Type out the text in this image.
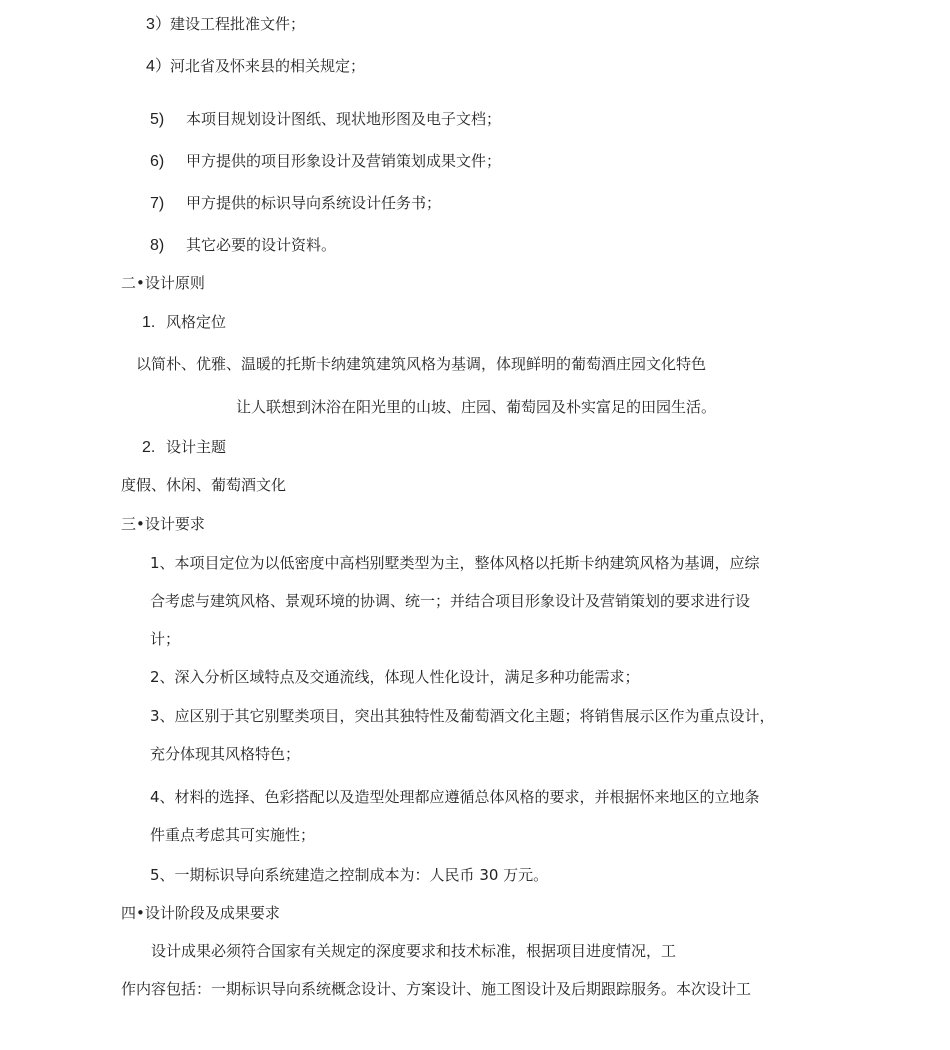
3）建设工程批准文件；
4）河北省及怀来县的相关规定；
5) 本项目规划设计图纸、现状地形图及电子文档；
6) 甲方提供的项目形象设计及营销策划成果文件；
7) 甲方提供的标识导向系统设计任务书；
8) 其它必要的设计资料。
二•设计原则
1. 风格定位
以简朴、优雅、温暖的托斯卡纳建筑建筑风格为基调，体现鲜明的葡萄酒庄园文化特色
让人联想到沐浴在阳光里的山坡、庄园、葡萄园及朴实富足的田园生活。
2. 设计主题
度假、休闲、葡萄酒文化
三•设计要求
1、本项目定位为以低密度中高档别墅类型为主，整体风格以托斯卡纳建筑风格为基调，应综
合考虑与建筑风格、景观环境的协调、统一；并结合项目形象设计及营销策划的要求进行设
计；
2、深入分析区域特点及交通流线，体现人性化设计，满足多种功能需求；
3、应区别于其它别墅类项目，突出其独特性及葡萄酒文化主题；将销售展示区作为重点设计，
充分体现其风格特色；
4、材料的选择、色彩搭配以及造型处理都应遵循总体风格的要求，并根据怀来地区的立地条
件重点考虑其可实施性；
5、一期标识导向系统建造之控制成本为：人民币 30 万元。
四•设计阶段及成果要求
设计成果必须符合国家有关规定的深度要求和技术标准，根据项目进度情况，工
作内容包括：一期标识导向系统概念设计、方案设计、施工图设计及后期跟踪服务。本次设计工
